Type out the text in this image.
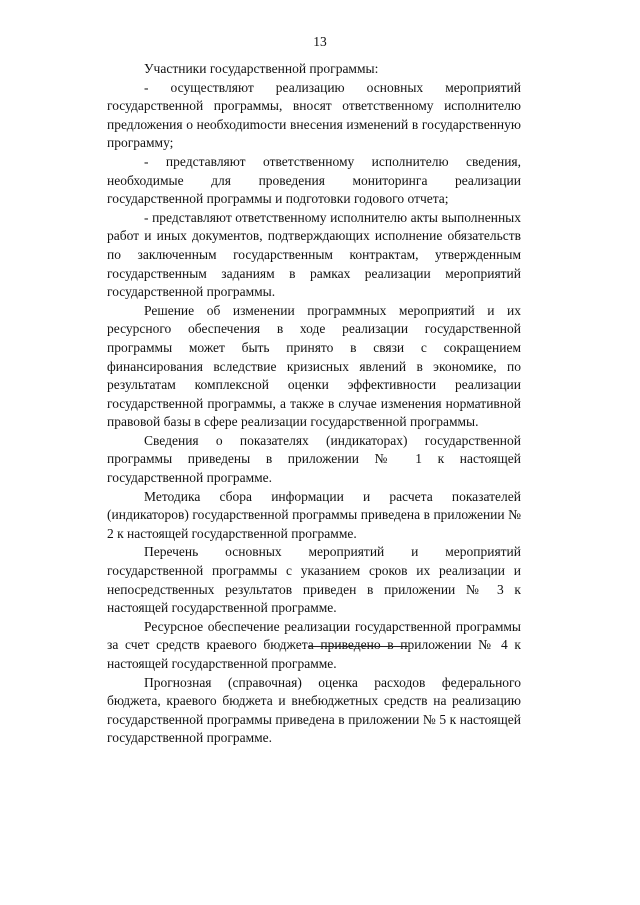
13

Участники государственной программы:

- осуществляют реализацию основных мероприятий государственной программы, вносят ответственному исполнителю предложения о необходиmости внесения изменений в государственную программу;

- представляют ответственному исполнителю сведения, необходимые для проведения мониторинга реализации государственной программы и подготовки годового отчета;

- представляют ответственному исполнителю акты выполненных работ и иных документов, подтверждающих исполнение обязательств по заключенным государственным контрактам, утвержденным государственным заданиям в рамках реализации мероприятий государственной программы.

Решение об изменении программных мероприятий и их ресурсного обеспечения в ходе реализации государственной программы может быть принято в связи с сокращением финансирования вследствие кризисных явлений в экономике, по результатам комплексной оценки эффективности реализации государственной программы, а также в случае изменения нормативной правовой базы в сфере реализации государственной программы.

Сведения о показателях (индикаторах) государственной программы приведены в приложении № 1 к настоящей государственной программе.

Методика сбора информации и расчета показателей (индикаторов) государственной программы приведена в приложении № 2 к настоящей государственной программе.

Перечень основных мероприятий и мероприятий государственной программы с указанием сроков их реализации и непосредственных результатов приведен в приложении № 3 к настоящей государственной программе.

Ресурсное обеспечение реализации государственной программы за счет средств краевого бюджета приведено в приложении № 4 к настоящей государственной программе.

Прогнозная (справочная) оценка расходов федерального бюджета, краевого бюджета и внебюджетных средств на реализацию государственной программы приведена в приложении № 5 к настоящей государственной программе.
